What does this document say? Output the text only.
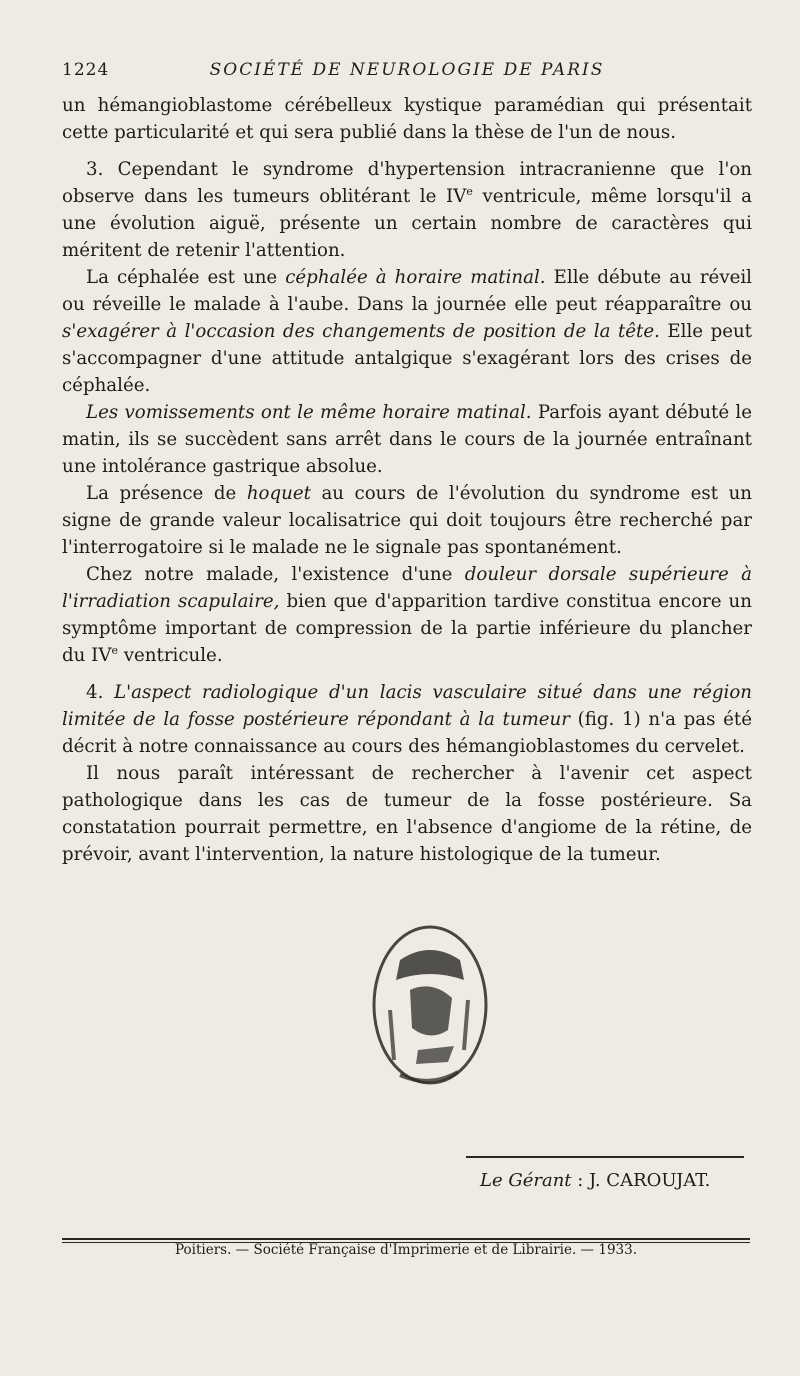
1224	SOCIÉTÉ DE NEUROLOGIE DE PARIS

un hémangioblastome cérébelleux kystique paramédian qui présentait cette particularité et qui sera publié dans la thèse de l'un de nous.

3. Cependant le syndrome d'hypertension intracranienne que l'on observe dans les tumeurs oblitérant le IVe ventricule, même lorsqu'il a une évolution aiguë, présente un certain nombre de caractères qui méritent de retenir l'attention.

La céphalée est une céphalée à horaire matinal. Elle débute au réveil ou réveille le malade à l'aube. Dans la journée elle peut réapparaître ou s'exagérer à l'occasion des changements de position de la tête. Elle peut s'accompagner d'une attitude antalgique s'exagérant lors des crises de céphalée.

Les vomissements ont le même horaire matinal. Parfois ayant débuté le matin, ils se succèdent sans arrêt dans le cours de la journée entraînant une intolérance gastrique absolue.

La présence de hoquet au cours de l'évolution du syndrome est un signe de grande valeur localisatrice qui doit toujours être recherché par l'interrogatoire si le malade ne le signale pas spontanément.

Chez notre malade, l'existence d'une douleur dorsale supérieure à l'irradiation scapulaire, bien que d'apparition tardive constitua encore un symptôme important de compression de la partie inférieure du plancher du IVe ventricule.

4. L'aspect radiologique d'un lacis vasculaire situé dans une région limitée de la fosse postérieure répondant à la tumeur (fig. 1) n'a pas été décrit à notre connaissance au cours des hémangioblastomes du cervelet.

Il nous paraît intéressant de rechercher à l'avenir cet aspect pathologique dans les cas de tumeur de la fosse postérieure. Sa constatation pourrait permettre, en l'absence d'angiome de la rétine, de prévoir, avant l'intervention, la nature histologique de la tumeur.

Le Gérant : J. CAROUJAT.
Poitiers. — Société Française d'Imprimerie et de Librairie. — 1933.
